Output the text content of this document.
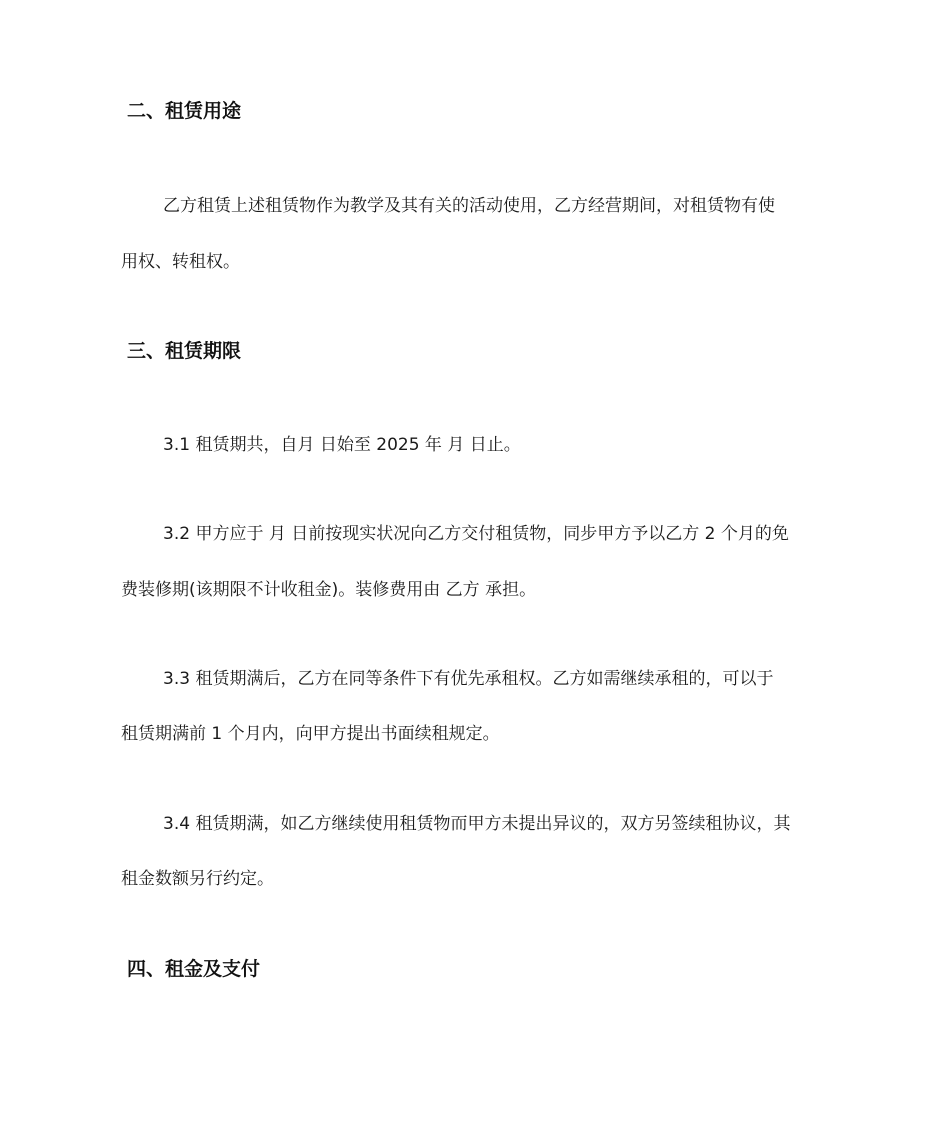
二、租赁用途
乙方租赁上述租赁物作为教学及其有关的活动使用，乙方经营期间，对租赁物有使
用权、转租权。
三、租赁期限
3.1 租赁期共，自月 日始至 2025 年 月 日止。
3.2 甲方应于 月 日前按现实状况向乙方交付租赁物，同步甲方予以乙方 2 个月的免
费装修期(该期限不计收租金)。装修费用由 乙方 承担。
3.3 租赁期满后，乙方在同等条件下有优先承租权。乙方如需继续承租的，可以于
租赁期满前 1 个月内，向甲方提出书面续租规定。
3.4 租赁期满，如乙方继续使用租赁物而甲方未提出异议的，双方另签续租协议，其
租金数额另行约定。
四、租金及支付
